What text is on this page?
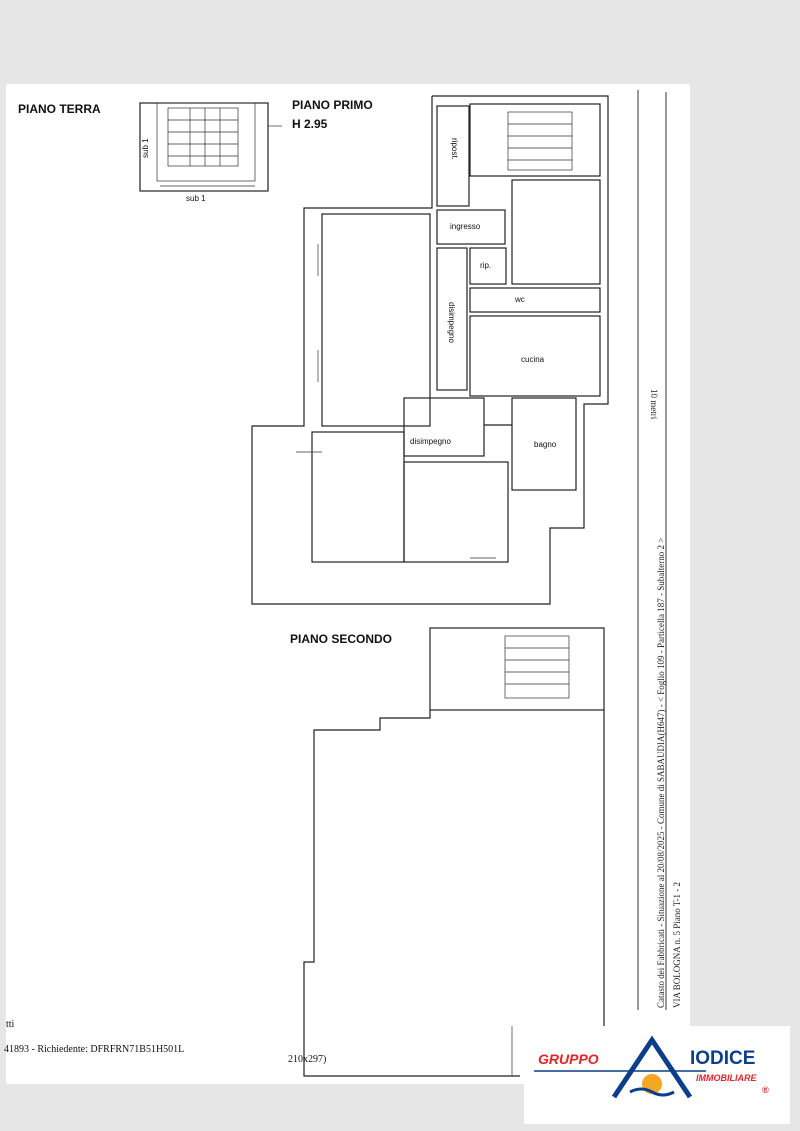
PIANO TERRA
sub 1
sub 1
PIANO PRIMO
H 2.95
ripost.
ingresso
rip.
wc
disimpegno
cucina
disimpegno	bagno
PIANO SECONDO
10 metri
Catasto dei Fabbricati - Situazione al 20/08/2025 - Comune di SABAUDIA(H647) - < Foglio 109 - Particella 187 - Subalterno 2 > VIA BOLOGNA n. 5 Piano T-1 - 2
tti
41893 - Richiedente: DFRFRN71B51H501L
210x297)	GRUPPO	IODICE
IMMOBILIARE
®
